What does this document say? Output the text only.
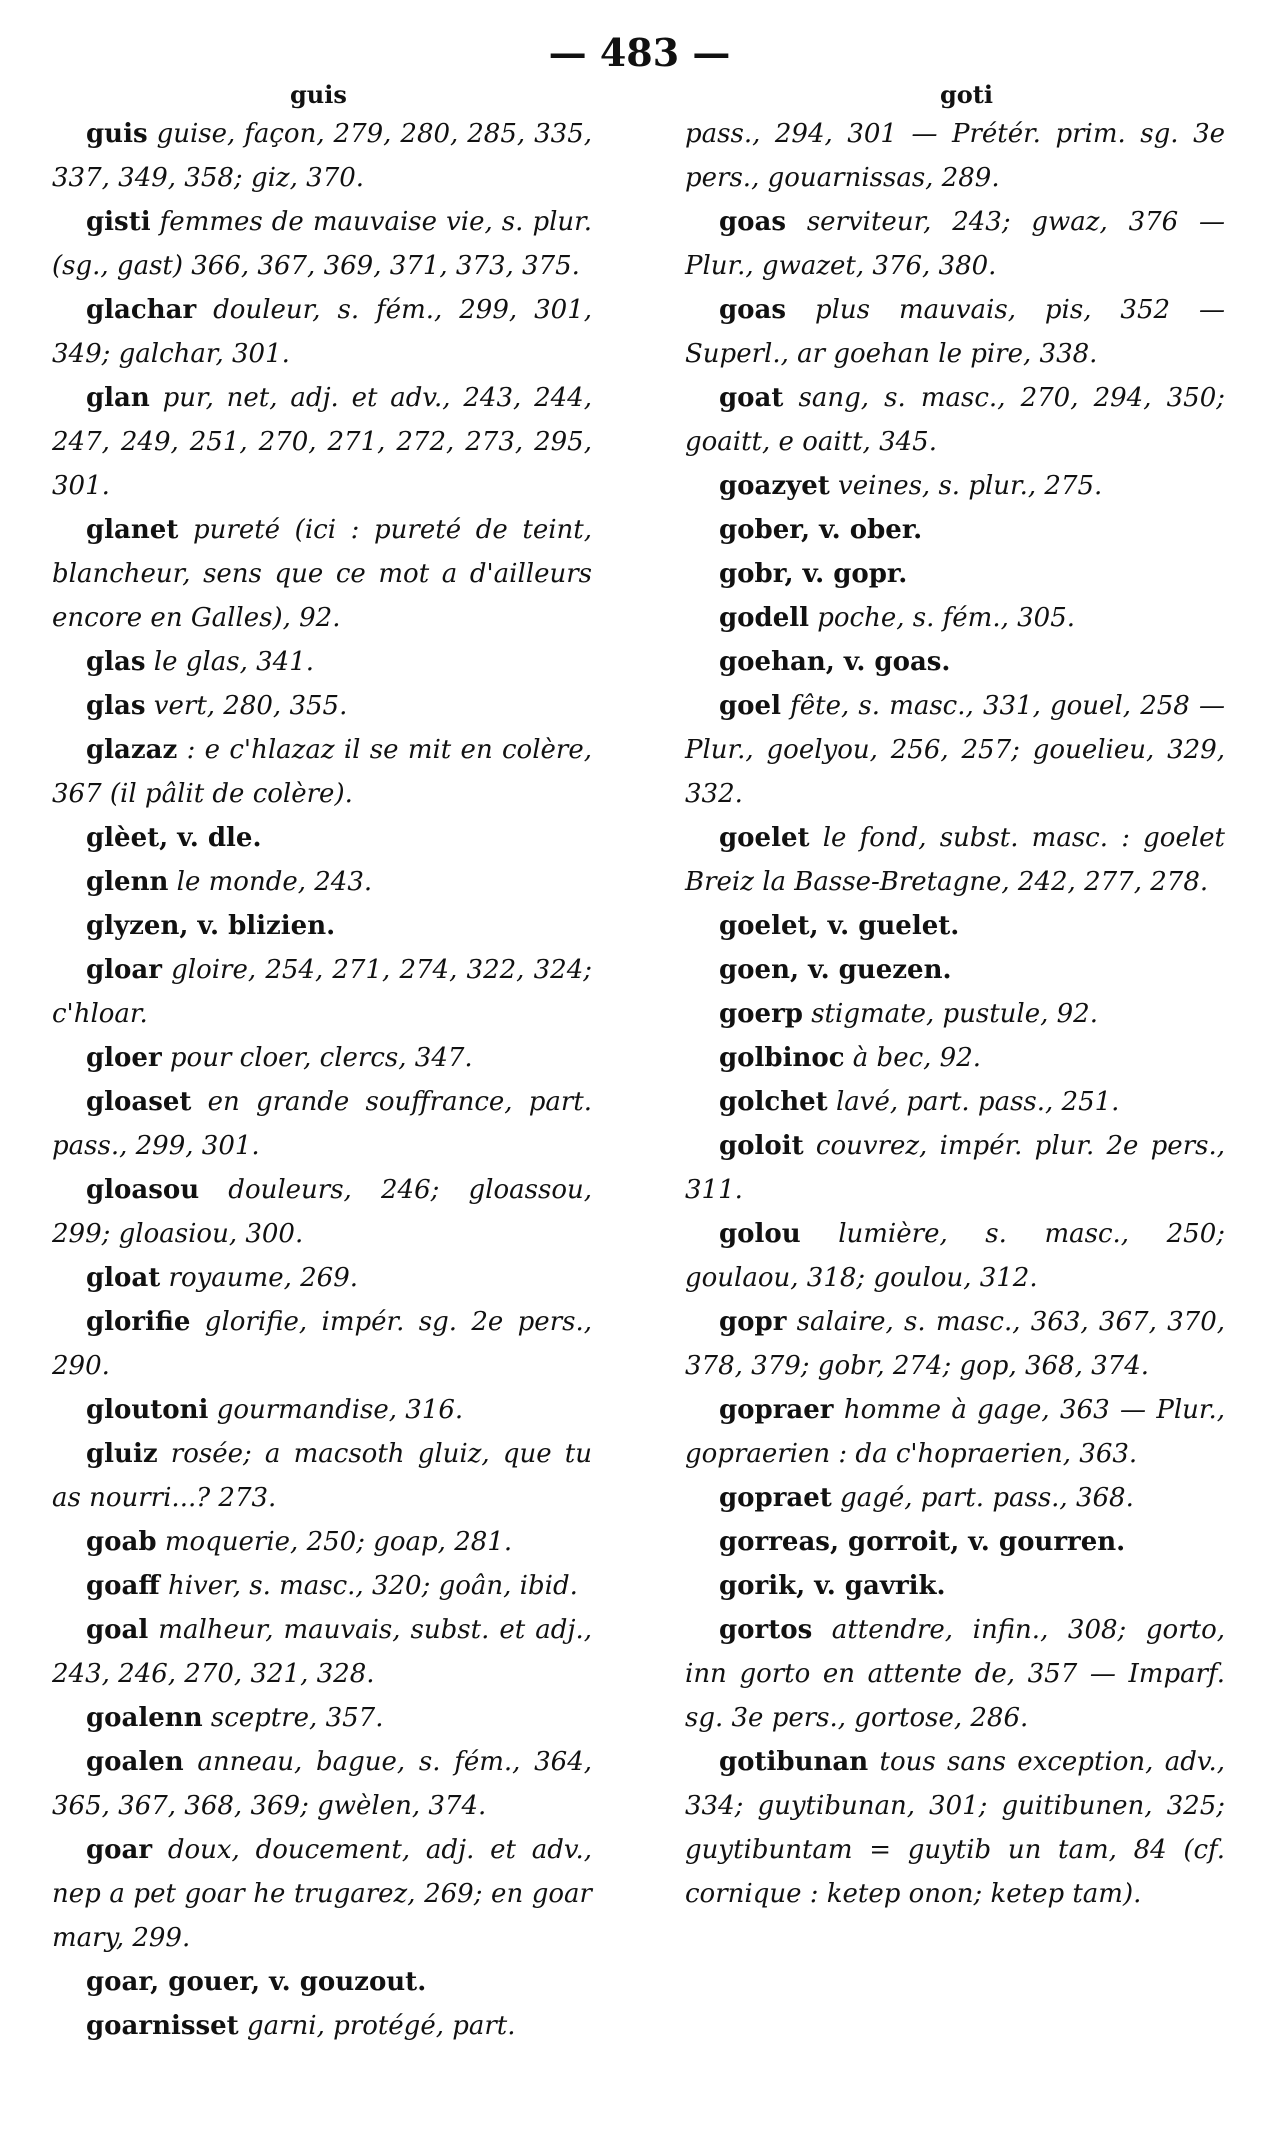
— 483 —
guis	goti

guis guise, façon, 279, 280, 285, 335, 337, 349, 358; giz, 370.

gisti femmes de mauvaise vie, s. plur. (sg., gast) 366, 367, 369, 371, 373, 375.

glachar douleur, s. fém., 299, 301, 349; galchar, 301.

glan pur, net, adj. et adv., 243, 244, 247, 249, 251, 270, 271, 272, 273, 295, 301.

glanet pureté (ici : pureté de teint, blancheur, sens que ce mot a d'ailleurs encore en Galles), 92.

glas le glas, 341.

glas vert, 280, 355.

glazaz : e c'hlazaz il se mit en colère, 367 (il pâlit de colère).

glèet, v. dle.

glenn le monde, 243.

glyzen, v. blizien.

gloar gloire, 254, 271, 274, 322, 324; c'hloar.

gloer pour cloer, clercs, 347.

gloaset en grande souffrance, part. pass., 299, 301.

gloasou douleurs, 246; gloassou, 299; gloasiou, 300.

gloat royaume, 269.

glorifie glorifie, impér. sg. 2e pers., 290.

gloutoni gourmandise, 316.

gluiz rosée; a macsoth gluiz, que tu as nourri...? 273.

goab moquerie, 250; goap, 281.

goaff hiver, s. masc., 320; goân, ibid.

goal malheur, mauvais, subst. et adj., 243, 246, 270, 321, 328.

goalenn sceptre, 357.

goalen anneau, bague, s. fém., 364, 365, 367, 368, 369; gwèlen, 374.

goar doux, doucement, adj. et adv., nep a pet goar he trugarez, 269; en goar mary, 299.

goar, gouer, v. gouzout.

goarnisset garni, protégé, part.

pass., 294, 301 — Prétér. prim. sg. 3e pers., gouarnissas, 289.

goas serviteur, 243; gwaz, 376 — Plur., gwazet, 376, 380.

goas plus mauvais, pis, 352 — Superl., ar goehan le pire, 338.

goat sang, s. masc., 270, 294, 350; goaitt, e oaitt, 345.

goazyet veines, s. plur., 275.

gober, v. ober.

gobr, v. gopr.

godell poche, s. fém., 305.

goehan, v. goas.

goel fête, s. masc., 331, gouel, 258 — Plur., goelyou, 256, 257; gouelieu, 329, 332.

goelet le fond, subst. masc. : goelet Breiz la Basse-Bretagne, 242, 277, 278.

goelet, v. guelet.

goen, v. guezen.

goerp stigmate, pustule, 92.

golbinoc à bec, 92.

golchet lavé, part. pass., 251.

goloit couvrez, impér. plur. 2e pers., 311.

golou lumière, s. masc., 250; goulaou, 318; goulou, 312.

gopr salaire, s. masc., 363, 367, 370, 378, 379; gobr, 274; gop, 368, 374.

gopraer homme à gage, 363 — Plur., gopraerien : da c'hopraerien, 363.

gopraet gagé, part. pass., 368.

gorreas, gorroit, v. gourren.

gorik, v. gavrik.

gortos attendre, infin., 308; gorto, inn gorto en attente de, 357 — Imparf. sg. 3e pers., gortose, 286.

gotibunan tous sans exception, adv., 334; guytibunan, 301; guitibunen, 325; guytibuntam = guytib un tam, 84 (cf. cornique : ketep onon; ketep tam).
